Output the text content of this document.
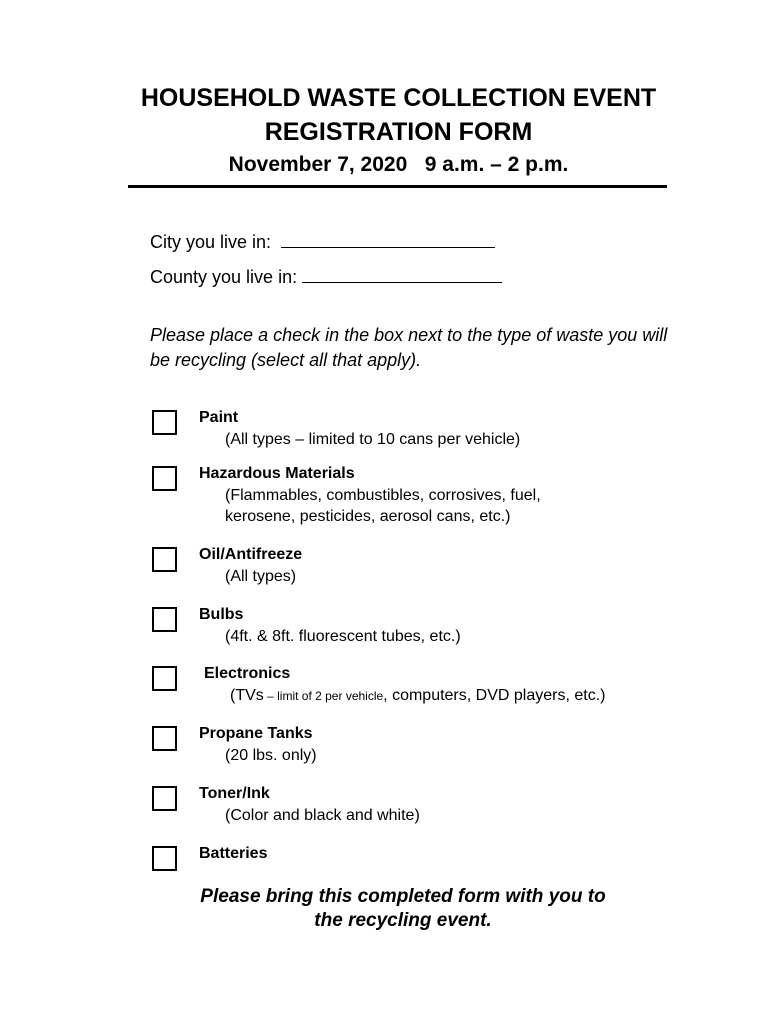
HOUSEHOLD WASTE COLLECTION EVENT
REGISTRATION FORM
November 7, 2020   9 a.m. – 2 p.m.
City you live in:
County you live in:
Please place a check in the box next to the type of waste you will be recycling (select all that apply).
Paint
(All types – limited to 10 cans per vehicle)
Hazardous Materials
(Flammables, combustibles, corrosives, fuel,
kerosene, pesticides, aerosol cans, etc.)
Oil/Antifreeze
(All types)
Bulbs
(4ft. & 8ft. fluorescent tubes, etc.)
Electronics
(TVs – limit of 2 per vehicle, computers, DVD players, etc.)
Propane Tanks
(20 lbs. only)
Toner/Ink
(Color and black and white)
Batteries
Please bring this completed form with you to
the recycling event.
